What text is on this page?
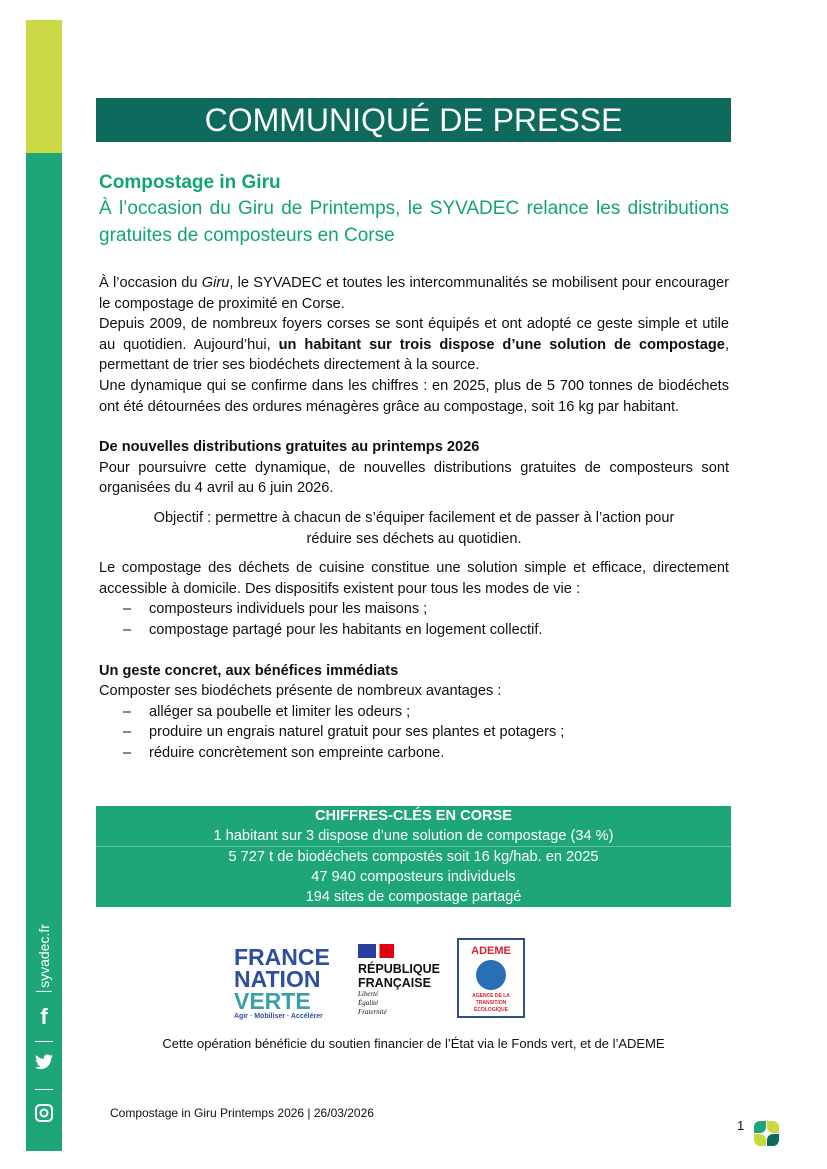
syvadec.fr
f
COMMUNIQUÉ DE PRESSE
Compostage in Giru
À l’occasion du Giru de Printemps, le SYVADEC relance les distributions gratuites de composteurs en Corse

À l’occasion du Giru, le SYVADEC et toutes les intercommunalités se mobilisent pour encourager le compostage de proximité en Corse.

Depuis 2009, de nombreux foyers corses se sont équipés et ont adopté ce geste simple et utile au quotidien. Aujourd’hui, un habitant sur trois dispose d’une solution de compostage, permettant de trier ses biodéchets directement à la source.

Une dynamique qui se confirme dans les chiffres : en 2025, plus de 5 700 tonnes de biodéchets ont été détournées des ordures ménagères grâce au compostage, soit 16 kg par habitant.

De nouvelles distributions gratuites au printemps 2026

Pour poursuivre cette dynamique, de nouvelles distributions gratuites de composteurs sont organisées du 4 avril au 6 juin 2026.

Objectif : permettre à chacun de s’équiper facilement et de passer à l’action pour
réduire ses déchets au quotidien.

Le compostage des déchets de cuisine constitue une solution simple et efficace, directement accessible à domicile. Des dispositifs existent pour tous les modes de vie :

– composteurs individuels pour les maisons ;
– compostage partagé pour les habitants en logement collectif.
Un geste concret, aux bénéfices immédiats

Composter ses biodéchets présente de nombreux avantages :

– alléger sa poubelle et limiter les odeurs ;
– produire un engrais naturel gratuit pour ses plantes et potagers ;
– réduire concrètement son empreinte carbone.
CHIFFRES-CLÉS EN CORSE
1 habitant sur 3 dispose d’une solution de compostage (34 %)
5 727 t de biodéchets compostés soit 16 kg/hab. en 2025
47 940 composteurs individuels
194 sites de compostage partagé
FRANCE
NATION
VERTE
Agir · Mobiliser · Accélérer
RÉPUBLIQUE
FRANÇAISE
Liberté
Égalité
Fraternité
ADEME
AGENCE DE LA TRANSITION ÉCOLOGIQUE
Cette opération bénéficie du soutien financier de l’État via le Fonds vert, et de l’ADEME
Compostage in Giru Printemps 2026 | 26/03/2026
1
